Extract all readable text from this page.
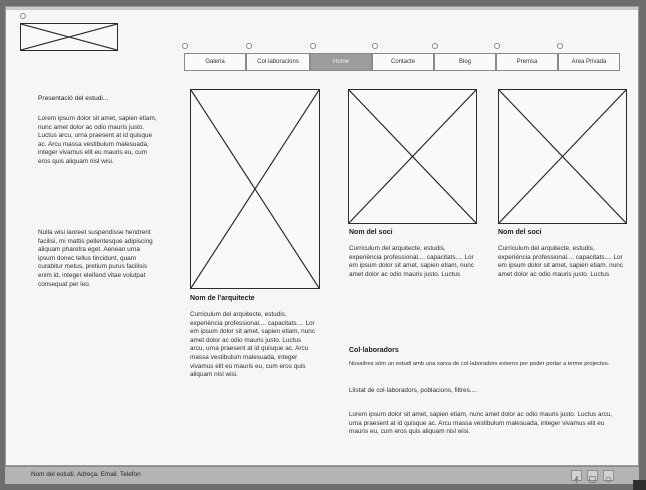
Galeria	Col·laboracions	Home	Contacte	Blog	Premsa	Area Privada

Presentació del estudi...

Lorem ipsum dolor sit amet, sapien etiam, nunc amet dolor ac odio mauris justo. Luctus arcu, urna praesent at id quisque ac. Arcu massa vestibulum malesuada, integer vivamus elit eu mauris eu, cum eros quis aliquam nisl wisi.

Nulla wisi laoreet suspendisse hendrerit facilisi, mi mattis pellentesque adipiscing aliquam pharetra eget. Aenean urna ipsum donec tellus tincidunt, quam curabitur metus, pretium purus facilisis enim id, integer eleifend vitae volutpat consequat per leo.

Nom de l'arquitecte

Curriculum del arquitecte, estudis, experiència professional.... capacitats.... Lor em ipsum dolor sit amet, sapien etiam, nunc amet dolor ac odio mauris justo. Luctus arcu, urna praesent at id quisque ac. Arcu massa vestibulum malesuada, integer vivamus elit eu mauris eu, cum eros quis aliquam nisl wisi.

Nom del soci

Curriculum del arquitecte, estudis, experiència professional.... capacitats.... Lor em ipsum dolor sit amet, sapien etiam, nunc amet dolor ac odio mauris justo. Luctus

Nom del soci

Curriculum del arquitecte, estudis, experiència professional.... capacitats.... Lor em ipsum dolor sit amet, sapien etiam, nunc amet dolor ac odio mauris justo. Luctus

Col·laboradors

Nosaltres sóm un estudi amb una xarxa de col·laboradors externs per poder portar a terme projectes.

Llistat de col·laboradors, poblacions, filtres....

Lorem ipsum dolor sit amet, sapien etiam, nunc amet dolor ac odio mauris justo. Luctus arcu, urna praesent at id quisque ac. Arcu massa vestibulum malesuada, integer vivamus elit eu mauris eu, cum eros quis aliquam nisl wisi.

Nom del estudi. Adreça. Email. Telefon
